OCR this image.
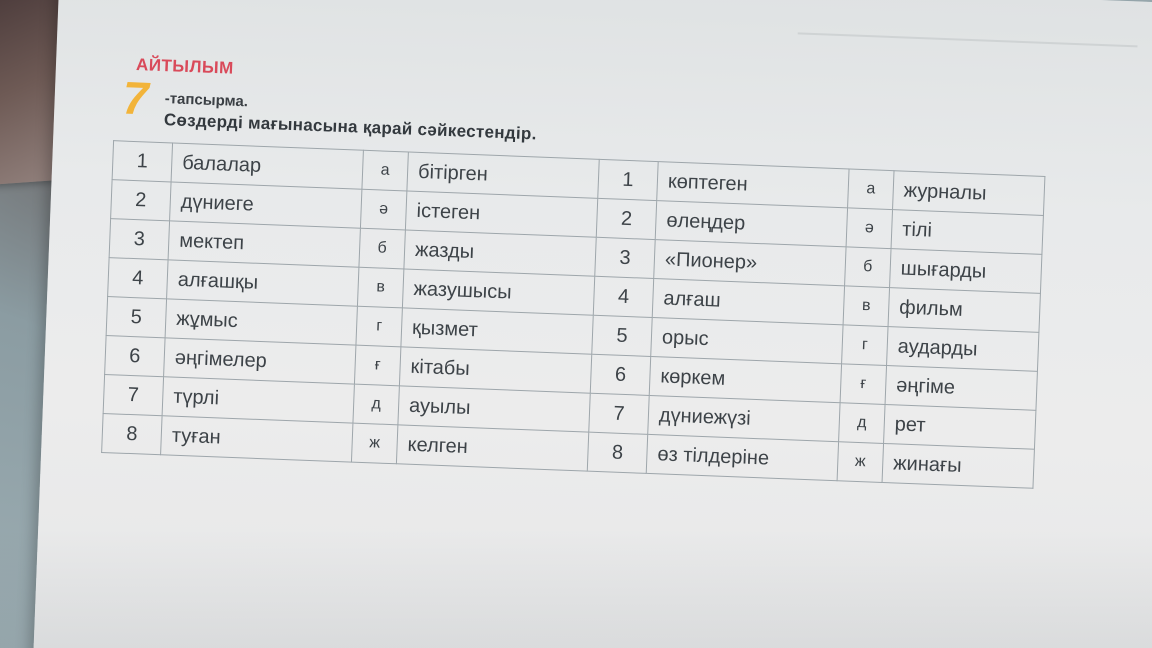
АЙТЫЛЫМ
7 -тапсырма.
Сөздерді мағынасына қарай сәйкестендір.
1	балалар	а	бітірген	1	көптеген	а	журналы
2	дүниеге	ә	істеген	2	өлеңдер	ә	тілі
3	мектеп	б	жазды	3	«Пионер»	б	шығарды
4	алғашқы	в	жазушысы	4	алғаш	в	фильм
5	жұмыс	г	қызмет	5	орыс	г	аударды
6	әңгімелер	ғ	кітабы	6	көркем	ғ	әңгіме
7	түрлі	д	ауылы	7	дүниежүзі	д	рет
8	туған	ж	келген	8	өз тілдеріне	ж	жинағы
